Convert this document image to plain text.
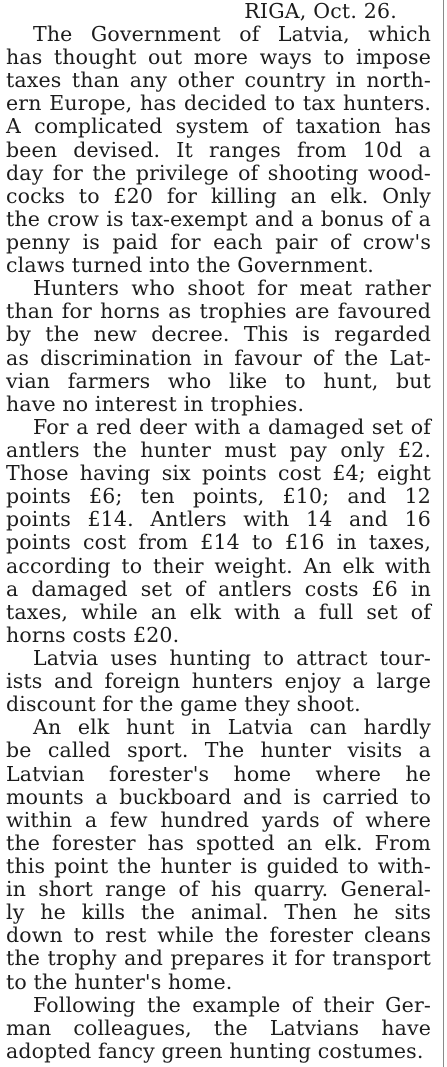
RIGA, Oct. 26.
The Government of Latvia, which
has thought out more ways to impose
taxes than any other country in north-
ern Europe, has decided to tax hunters.
A complicated system of taxation has
been devised. It ranges from 10d a
day for the privilege of shooting wood-
cocks to £20 for killing an elk. Only
the crow is tax-exempt and a bonus of a
penny is paid for each pair of crow's
claws turned into the Government.
Hunters who shoot for meat rather
than for horns as trophies are favoured
by the new decree. This is regarded
as discrimination in favour of the Lat-
vian farmers who like to hunt, but
have no interest in trophies.
For a red deer with a damaged set of
antlers the hunter must pay only £2.
Those having six points cost £4; eight
points £6; ten points, £10; and 12
points £14. Antlers with 14 and 16
points cost from £14 to £16 in taxes,
according to their weight. An elk with
a damaged set of antlers costs £6 in
taxes, while an elk with a full set of
horns costs £20.
Latvia uses hunting to attract tour-
ists and foreign hunters enjoy a large
discount for the game they shoot.
An elk hunt in Latvia can hardly
be called sport. The hunter visits a
Latvian forester's home where he
mounts a buckboard and is carried to
within a few hundred yards of where
the forester has spotted an elk. From
this point the hunter is guided to with-
in short range of his quarry. General-
ly he kills the animal. Then he sits
down to rest while the forester cleans
the trophy and prepares it for transport
to the hunter's home.
Following the example of their Ger-
man colleagues, the Latvians have
adopted fancy green hunting costumes.
